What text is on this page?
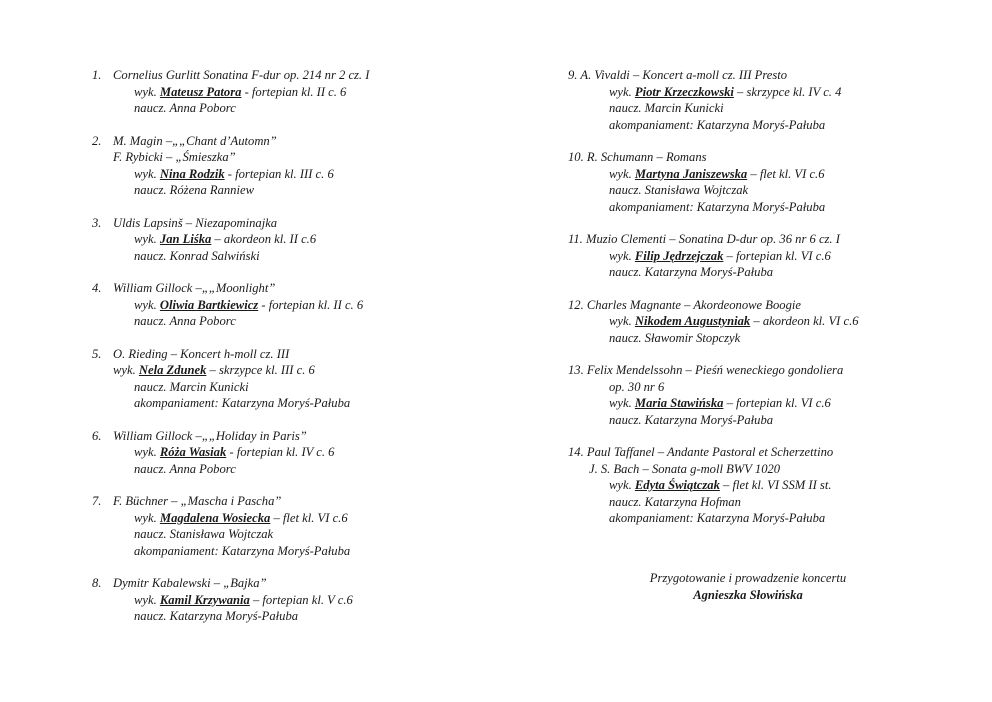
1. Cornelius Gurlitt Sonatina F-dur op. 214 nr 2 cz. I
wyk. Mateusz Patora - fortepian kl. II c. 6
naucz. Anna Poborc
2. M. Magin –„„Chant d’Automn”
F. Rybicki – „Śmieszka”
wyk. Nina Rodzik - fortepian kl. III c. 6
naucz. Różena Ranniew
3. Uldis Lapsinš – Niezapominajka
wyk. Jan Liśka – akordeon kl. II c.6
naucz. Konrad Salwiński
4. William Gillock –„„Moonlight”
wyk. Oliwia Bartkiewicz - fortepian kl. II c. 6
naucz. Anna Poborc
5. O. Rieding – Koncert h-moll cz. III
wyk. Nela Zdunek – skrzypce kl. III c. 6
naucz. Marcin Kunicki
akompaniament: Katarzyna Moryś-Pałuba
6. William Gillock –„„Holiday in Paris”
wyk. Róża Wasiak - fortepian kl. IV c. 6
naucz. Anna Poborc
7. F. Büchner – „Mascha i Pascha”
wyk. Magdalena Wosiecka – flet kl. VI c.6
naucz. Stanisława Wojtczak
akompaniament: Katarzyna Moryś-Pałuba
8. Dymitr Kabalewski – „Bajka”
wyk. Kamil Krzywania – fortepian kl. V c.6
naucz. Katarzyna Moryś-Pałuba
9. A. Vivaldi – Koncert a-moll cz. III Presto
wyk. Piotr Krzeczkowski – skrzypce kl. IV c. 4
naucz. Marcin Kunicki
akompaniament: Katarzyna Moryś-Pałuba
10. R. Schumann – Romans
wyk. Martyna Janiszewska – flet kl. VI c.6
naucz. Stanisława Wojtczak
akompaniament: Katarzyna Moryś-Pałuba
11. Muzio Clementi – Sonatina D-dur op. 36 nr 6 cz. I
wyk. Filip Jędrzejczak – fortepian kl. VI c.6
naucz. Katarzyna Moryś-Pałuba
12. Charles Magnante – Akordeonowe Boogie
wyk. Nikodem Augustyniak – akordeon kl. VI c.6
naucz. Sławomir Stopczyk
13. Felix Mendelssohn – Pieśń weneckiego gondoliera
op. 30 nr 6
wyk. Maria Stawińska – fortepian kl. VI c.6
naucz. Katarzyna Moryś-Pałuba
14. Paul Taffanel – Andante Pastoral et Scherzettino
J. S. Bach – Sonata g-moll BWV 1020
wyk. Edyta Świątczak – flet kl. VI SSM II st.
naucz. Katarzyna Hofman
akompaniament: Katarzyna Moryś-Pałuba
Przygotowanie i prowadzenie koncertu
Agnieszka Słowińska
